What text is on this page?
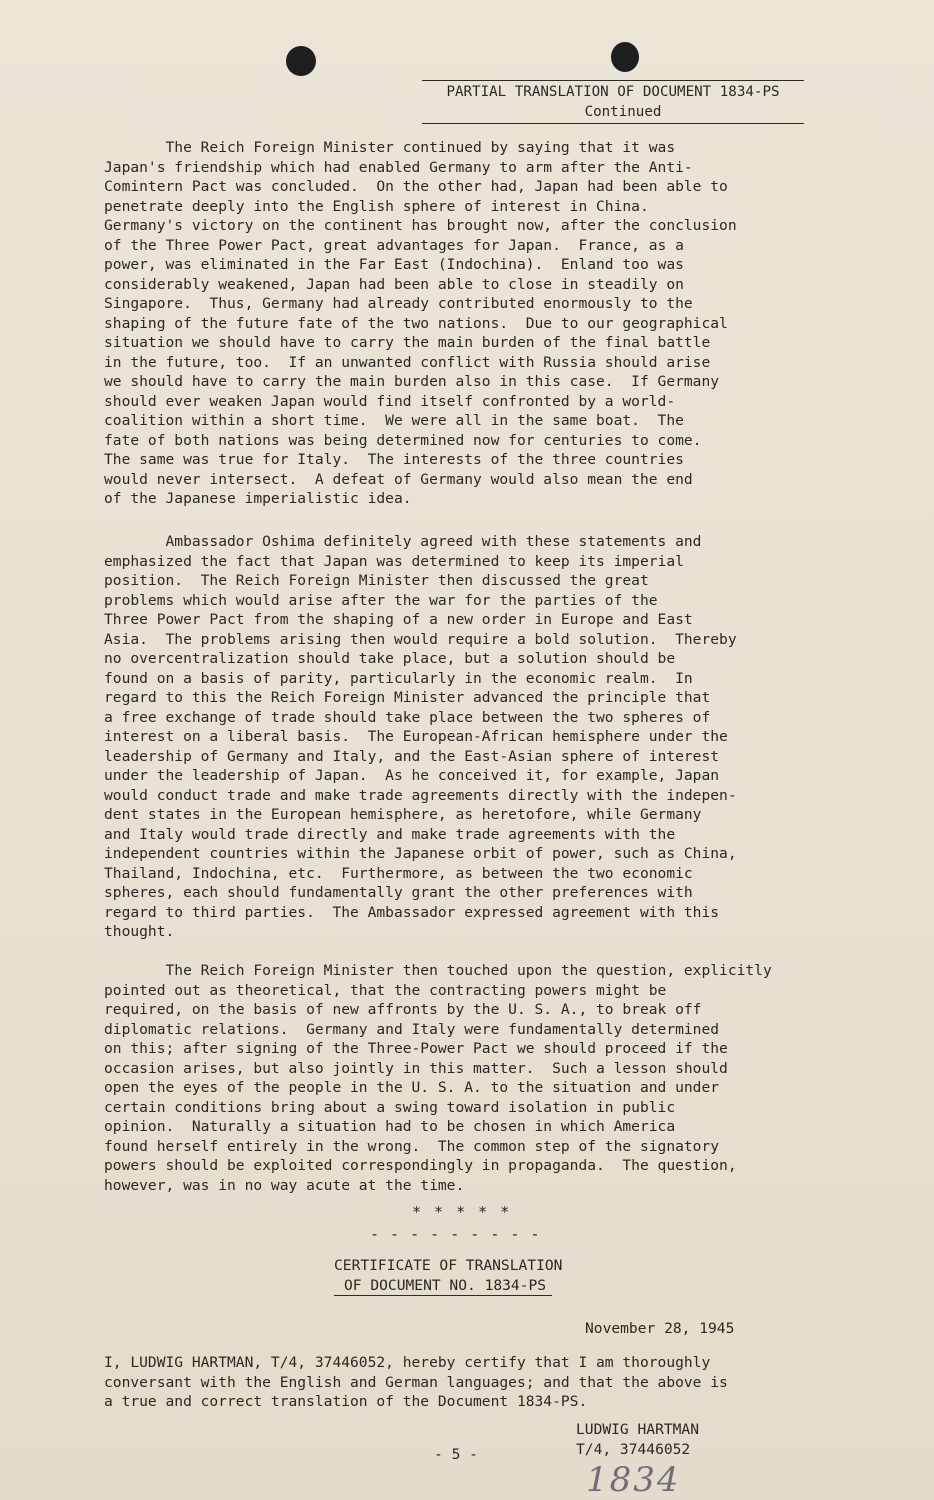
PARTIAL TRANSLATION OF DOCUMENT 1834-PS
Continued
The Reich Foreign Minister continued by saying that it was
Japan's friendship which had enabled Germany to arm after the Anti-
Comintern Pact was concluded.  On the other had, Japan had been able to
penetrate deeply into the English sphere of interest in China.
Germany's victory on the continent has brought now, after the conclusion
of the Three Power Pact, great advantages for Japan.  France, as a
power, was eliminated in the Far East (Indochina).  Enland too was
considerably weakened, Japan had been able to close in steadily on
Singapore.  Thus, Germany had already contributed enormously to the
shaping of the future fate of the two nations.  Due to our geographical
situation we should have to carry the main burden of the final battle
in the future, too.  If an unwanted conflict with Russia should arise
we should have to carry the main burden also in this case.  If Germany
should ever weaken Japan would find itself confronted by a world-
coalition within a short time.  We were all in the same boat.  The
fate of both nations was being determined now for centuries to come.
The same was true for Italy.  The interests of the three countries
would never intersect.  A defeat of Germany would also mean the end
of the Japanese imperialistic idea.
Ambassador Oshima definitely agreed with these statements and
emphasized the fact that Japan was determined to keep its imperial
position.  The Reich Foreign Minister then discussed the great
problems which would arise after the war for the parties of the
Three Power Pact from the shaping of a new order in Europe and East
Asia.  The problems arising then would require a bold solution.  Thereby
no overcentralization should take place, but a solution should be
found on a basis of parity, particularly in the economic realm.  In
regard to this the Reich Foreign Minister advanced the principle that
a free exchange of trade should take place between the two spheres of
interest on a liberal basis.  The European-African hemisphere under the
leadership of Germany and Italy, and the East-Asian sphere of interest
under the leadership of Japan.  As he conceived it, for example, Japan
would conduct trade and make trade agreements directly with the indepen-
dent states in the European hemisphere, as heretofore, while Germany
and Italy would trade directly and make trade agreements with the
independent countries within the Japanese orbit of power, such as China,
Thailand, Indochina, etc.  Furthermore, as between the two economic
spheres, each should fundamentally grant the other preferences with
regard to third parties.  The Ambassador expressed agreement with this
thought.
The Reich Foreign Minister then touched upon the question, explicitly
pointed out as theoretical, that the contracting powers might be
required, on the basis of new affronts by the U. S. A., to break off
diplomatic relations.  Germany and Italy were fundamentally determined
on this; after signing of the Three-Power Pact we should proceed if the
occasion arises, but also jointly in this matter.  Such a lesson should
open the eyes of the people in the U. S. A. to the situation and under
certain conditions bring about a swing toward isolation in public
opinion.  Naturally a situation had to be chosen in which America
found herself entirely in the wrong.  The common step of the signatory
powers should be exploited correspondingly in propaganda.  The question,
however, was in no way acute at the time.
* * * * *
- - - - - - - - -
CERTIFICATE OF TRANSLATION
OF DOCUMENT NO. 1834-PS
November 28, 1945
I, LUDWIG HARTMAN, T/4, 37446052, hereby certify that I am thoroughly
conversant with the English and German languages; and that the above is
a true and correct translation of the Document 1834-PS.
LUDWIG HARTMAN
T/4, 37446052
- 5 -
1834
